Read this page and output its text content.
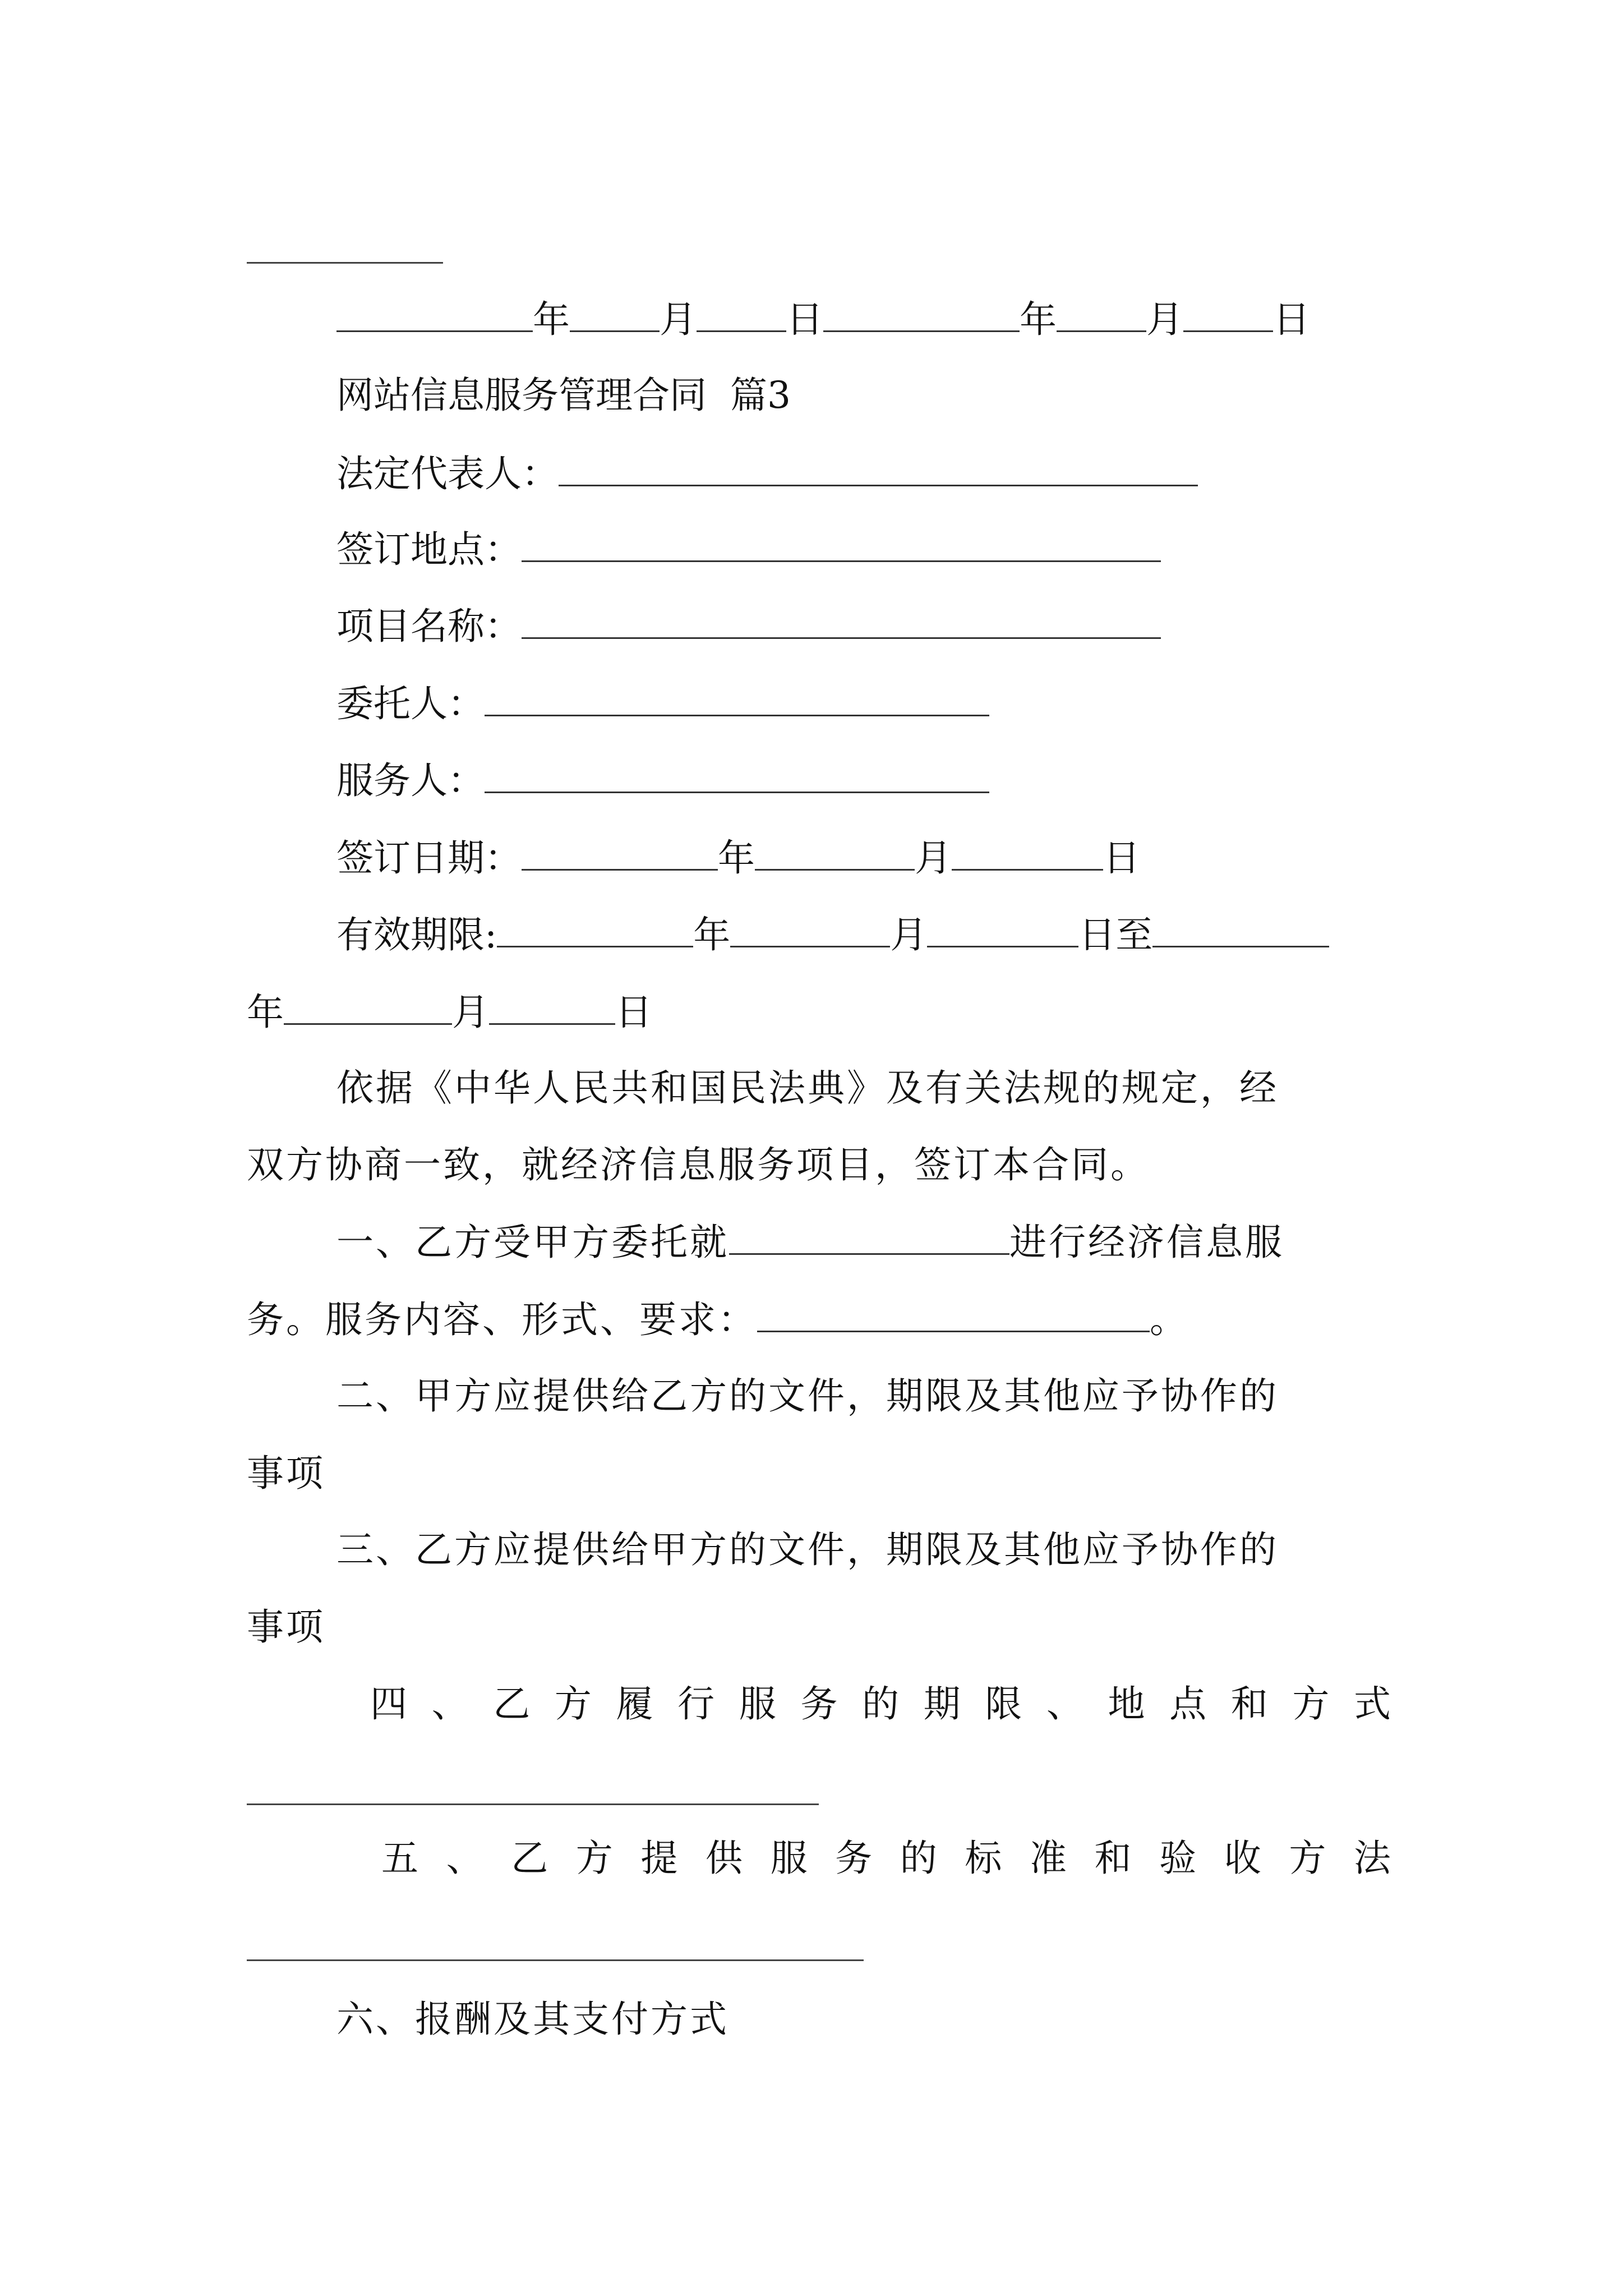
年 月 日	年 月 日
网站信息服务管理合同  篇3
法定代表人：
签订地点：
项目名称：
委托人：
服务人：
签订日期：	年	月	日
有效期限:	年	月	日至
年	月	日
依据《中华人民共和国民法典》及有关法规的规定，经
双方协商一致，就经济信息服务项目，签订本合同。
一、乙方受甲方委托就	进行经济信息服
务。服务内容、形式、要求：	。
二、甲方应提供给乙方的文件，期限及其他应予协作的
事项
三、乙方应提供给甲方的文件，期限及其他应予协作的
事项
四 、 乙 方 履 行 服 务 的 期 限 、 地 点 和 方 式
五 、 乙 方 提 供 服 务 的 标 准 和 验 收 方 法
六、报酬及其支付方式
